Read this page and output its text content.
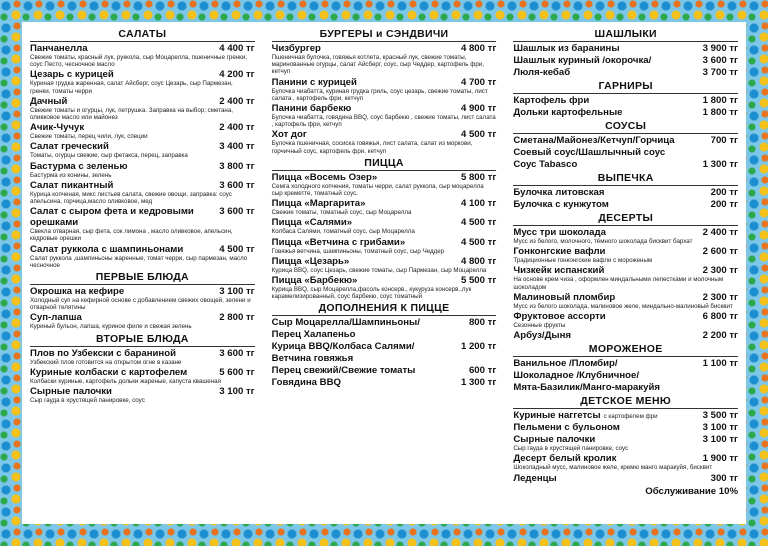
САЛАТЫ
Панчанелла	4 400 тг
Свежие томаты, красный лук, руккола, сыр Моцарелла, пшеничные гренки, соус Песто, чесночное масло
Цезарь с курицей	4 200 тг
Куриная грудка жаренная, салат Айсберг, соус Цезарь, сыр Пармезан, гренки, томаты черри
Дачный	2 400 тг
Свежие томаты и огурцы, лук, петрушка. Заправка на выбор: сметана, оливковое масло или майонез
Ачик-Чучук	2 400 тг
Свежие томаты, перец чили, лук, специи
Салат греческий	3 400 тг
Томаты, огурцы свежие, сыр фетакса, перец, заправка
Бастурма с зеленью	3 800 тг
Бастурма из конины, зелень
Салат пикантный	3 600 тг
Курица копченая, микс листьев салата, свежие овощи, заправка: соус апельсина, горчица,масло оливковое, мед
Салат с сыром фета и кедровыми орешками
3 600 тг
Свекла отварная, сыр фета, сок лимона , масло оливковое, апельсин, кедровые орешки
Салат руккола с шампиньонами	4 500 тг
Салат руккола ,шампиньоны жаренные, томат черри, сыр пармезан, масло чесночное
ПЕРВЫЕ БЛЮДА
Окрошка на кефире	3 100 тг
Холодный суп на кефирной основе с добавлением свежих овощей, зелени и отварной телятины
Суп-лапша	2 800 тг
Куриный бульон, лапша, куриное филе и свежая зелень
ВТОРЫЕ БЛЮДА
Плов по Узбекски с бараниной	3 600 тг
Узбекский плов готовится на открытом огне в казане
Куриные колбаски с картофелем	5 600 тг
Колбаски куриные, картофель дольки жареные, капуста квашеная
Сырные палочки	3 100 тг
Сыр гауда в хрустящей панировке, соус
БУРГЕРЫ и СЭНДВИЧИ
Чизбургер	4 800 тг
Пшеничная булочка, говяжья котлета, красный лук, свежие томаты, маринованные огурцы, салат Айсберг, соус, сыр Чеддер, картофель фри, кетчуп
Панини с курицей	4 700 тг
Булочка чиабатта, куриная грудка гриль, соус цезарь, свежие томаты, лист салата , картофель фри, кетчуп
Панини барбекю	4 900 тг
Булочка чиабатта, говядина BBQ, соус барбекю , свежие томаты, лист салата , картофель фри, кетчуп
Хот дог	4 500 тг
Булочка пшеничная, сосиска говяжья, лист салата, салат из моркови, горчичный соус, картофель фри, кетчуп
ПИЦЦА
Пицца «Восемь Озер»	5 800 тг
Семга холодного копчения, томаты черри, салат руккола, сыр моцарелла сыр креметте, томатный соус.
Пицца «Маргарита»	4 100 тг
Свежие томаты, томатный соус, сыр Моцарелла
Пицца «Салями»	4 500 тг
Колбаса Салями, томатный соус, сыр Моцарелла
Пицца «Ветчина с грибами»	4 500 тг
Говяжья ветчина, шампиньоны, томатный соус, сыр Чеддер
Пицца «Цезарь»	4 800 тг
Курица BBQ, соус Цезарь, свежие томаты, сыр Пармезан, сыр Моцарелла
Пицца «Барбекю»	5 500 тг
Курица BBQ, сыр Моцарелла,фасоль консерв., кукуруза консерв.,лук карамелизированный, соус барбекю, соус томатный
ДОПОЛНЕНИЯ К ПИЦЦЕ
Сыр Моцарелла/Шампиньоны/	800 тг
Перец Халапеньо
Курица BBQ/Колбаса Салями/	1 200 тг
Ветчина говяжья
Перец свежий/Свежие томаты	600 тг
Говядина BBQ	1 300 тг
ШАШЛЫКИ
Шашлык из баранины	3 900 тг
Шашлык куриный /окорочка/	3 600 тг
Люля-кебаб	3 700 тг
ГАРНИРЫ
Картофель фри	1 800 тг
Дольки картофельные	1 800 тг
СОУСЫ
Сметана/Майонез/Кетчуп/Горчица	700 тг
Соевый соус/Шашлычный соус
Соус Tabasco	1 300 тг
ВЫПЕЧКА
Булочка литовская	200 тг
Булочка с кунжутом	200 тг
ДЕСЕРТЫ
Мусс три шоколада	2 400 тг
Мусс из белого, молочного, тёмного шоколада бисквит бархат
Гонконгские вафли	2 600 тг
Традиционные гонконгские вафли с мороженым
Чизкейк испанский	2 300 тг
На основе крем чиза , оформлен миндальными лепестками и молочным шоколадом
Малиновый пломбир	2 300 тг
Мусс из белого шоколада, малиновое желе, миндально-малиновый бисквит
Фруктовое ассорти	6 800 тг
Сезонные фрукты
Арбуз/Дыня	2 200 тг
МОРОЖЕНОЕ
Ванильное /Пломбир/	1 100 тг
Шоколадное /Клубничное/
Мята-Базилик/Манго-маракуйя
ДЕТСКОЕ МЕНЮ
Куриные наггетсы с картофелем фри	3 500 тг
Пельмени с бульоном	3 100 тг
Сырные палочки	3 100 тг
Сыр гауда в хрустящей панировке, соус
Десерт белый кролик	1 900 тг
Шоколадный мусс, малиновое желе, кремю манго маракуйя, бисквит
Леденцы	300 тг
Обслуживание 10%
